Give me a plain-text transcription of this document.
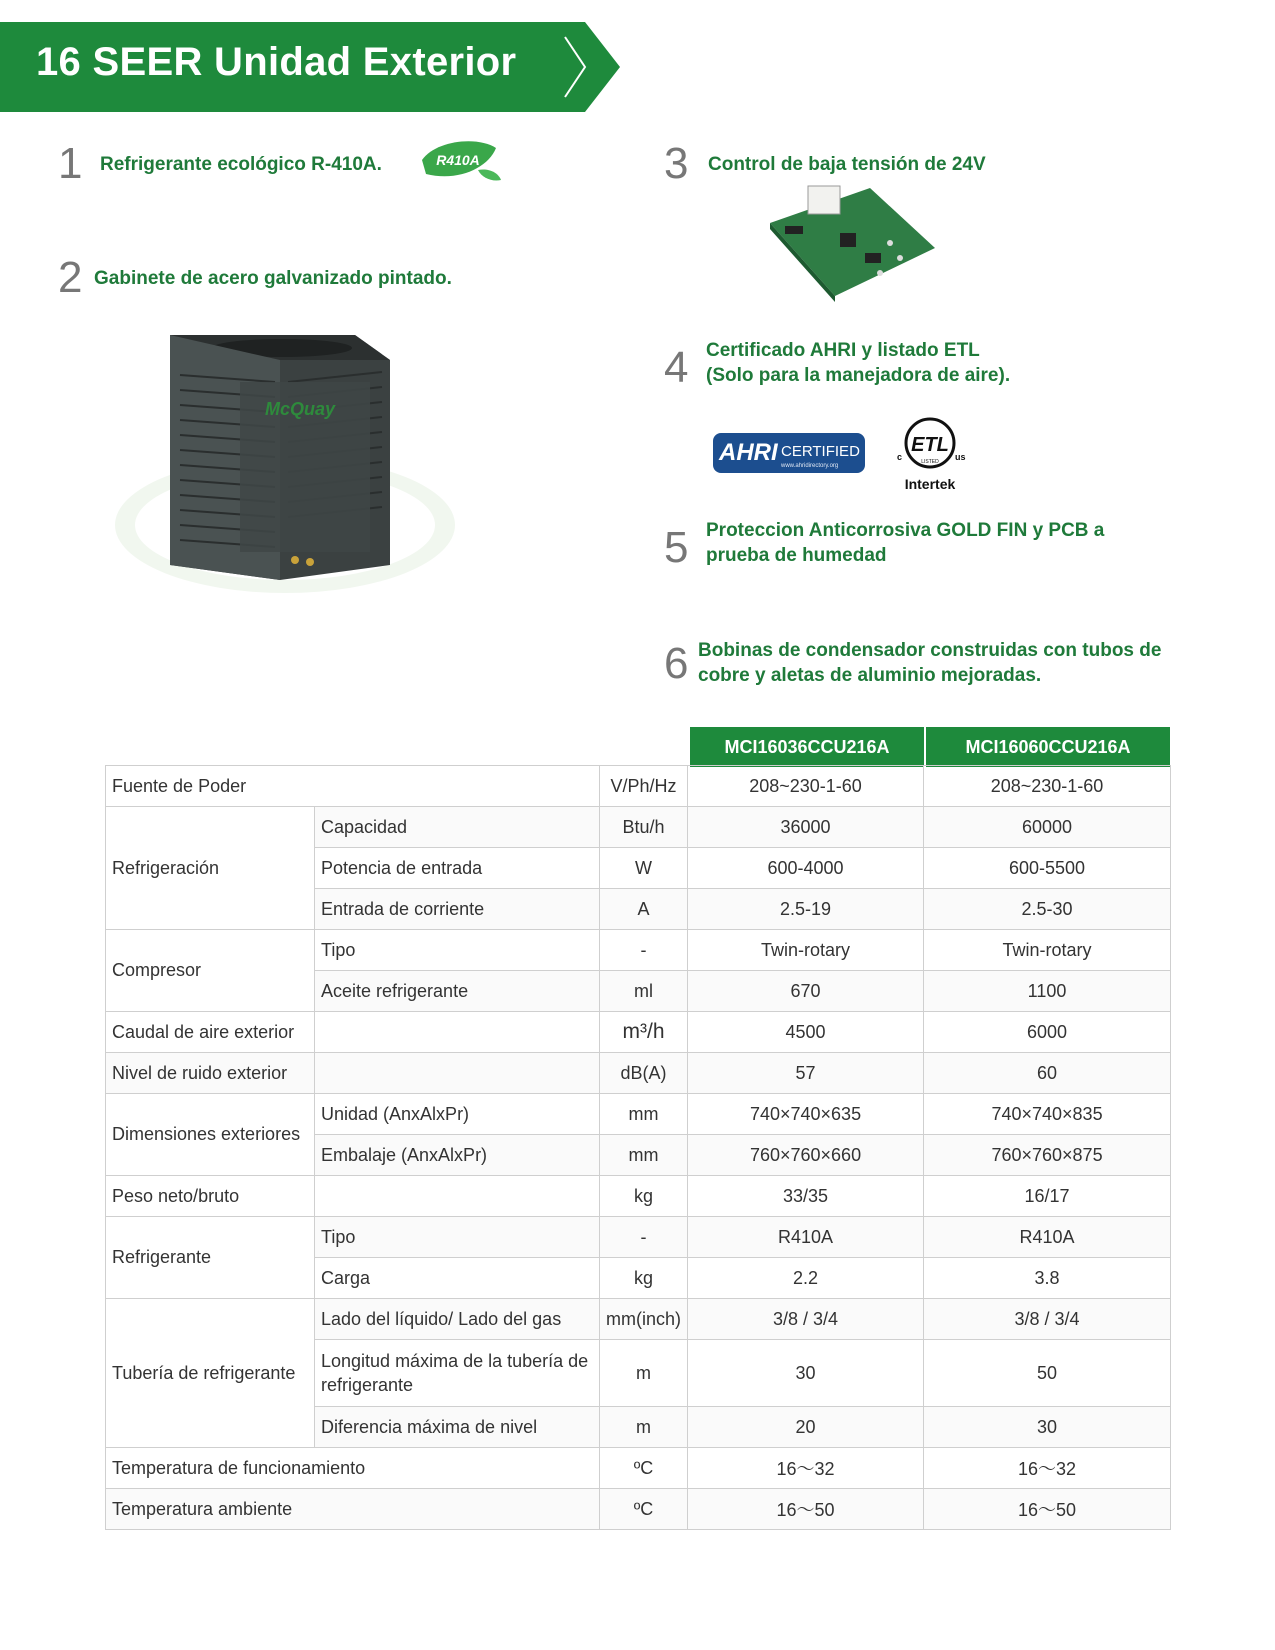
16 SEER Unidad Exterior
1 Refrigerante ecológico R-410A.	R410A
2 Gabinete de acero galvanizado pintado.
McQuay
3 Control de baja tensión de 24V
4 Certificado AHRI y listado ETL
(Solo para la manejadora de aire).
AHRI CERTIFIED
www.ahridirectory.org
ETL
c	us
LISTED
Intertek
5 Proteccion Anticorrosiva GOLD FIN y PCB a
prueba de humedad
6 Bobinas de condensador construidas con tubos de
cobre y aletas de aluminio mejoradas.
MCI16036CCU216A	MCI16060CCU216A
Fuente de Poder		V/Ph/Hz	208~230-1-60	208~230-1-60
Refrigeración	Capacidad	Btu/h	36000	60000
	Potencia de entrada	W	600-4000	600-5500
	Entrada de corriente	A	2.5-19	2.5-30
Compresor	Tipo	-	Twin-rotary	Twin-rotary
	Aceite refrigerante	ml	670	1100
Caudal de aire exterior		m³/h	4500	6000
Nivel de ruido exterior		dB(A)	57	60
Dimensiones exteriores	Unidad (AnxAlxPr)	mm	740×740×635	740×740×835
	Embalaje (AnxAlxPr)	mm	760×760×660	760×760×875
Peso neto/bruto		kg	33/35	16/17
Refrigerante	Tipo	-	R410A	R410A
	Carga	kg	2.2	3.8
Tubería de refrigerante	Lado del líquido/ Lado del gas	mm(inch)	3/8 / 3/4	3/8 / 3/4
	Longitud máxima de la tubería de refrigerante	m	30	50
	Diferencia máxima de nivel	m	20	30
Temperatura de funcionamiento		ºC	16～32	16～32
Temperatura ambiente		ºC	16～50	16～50
